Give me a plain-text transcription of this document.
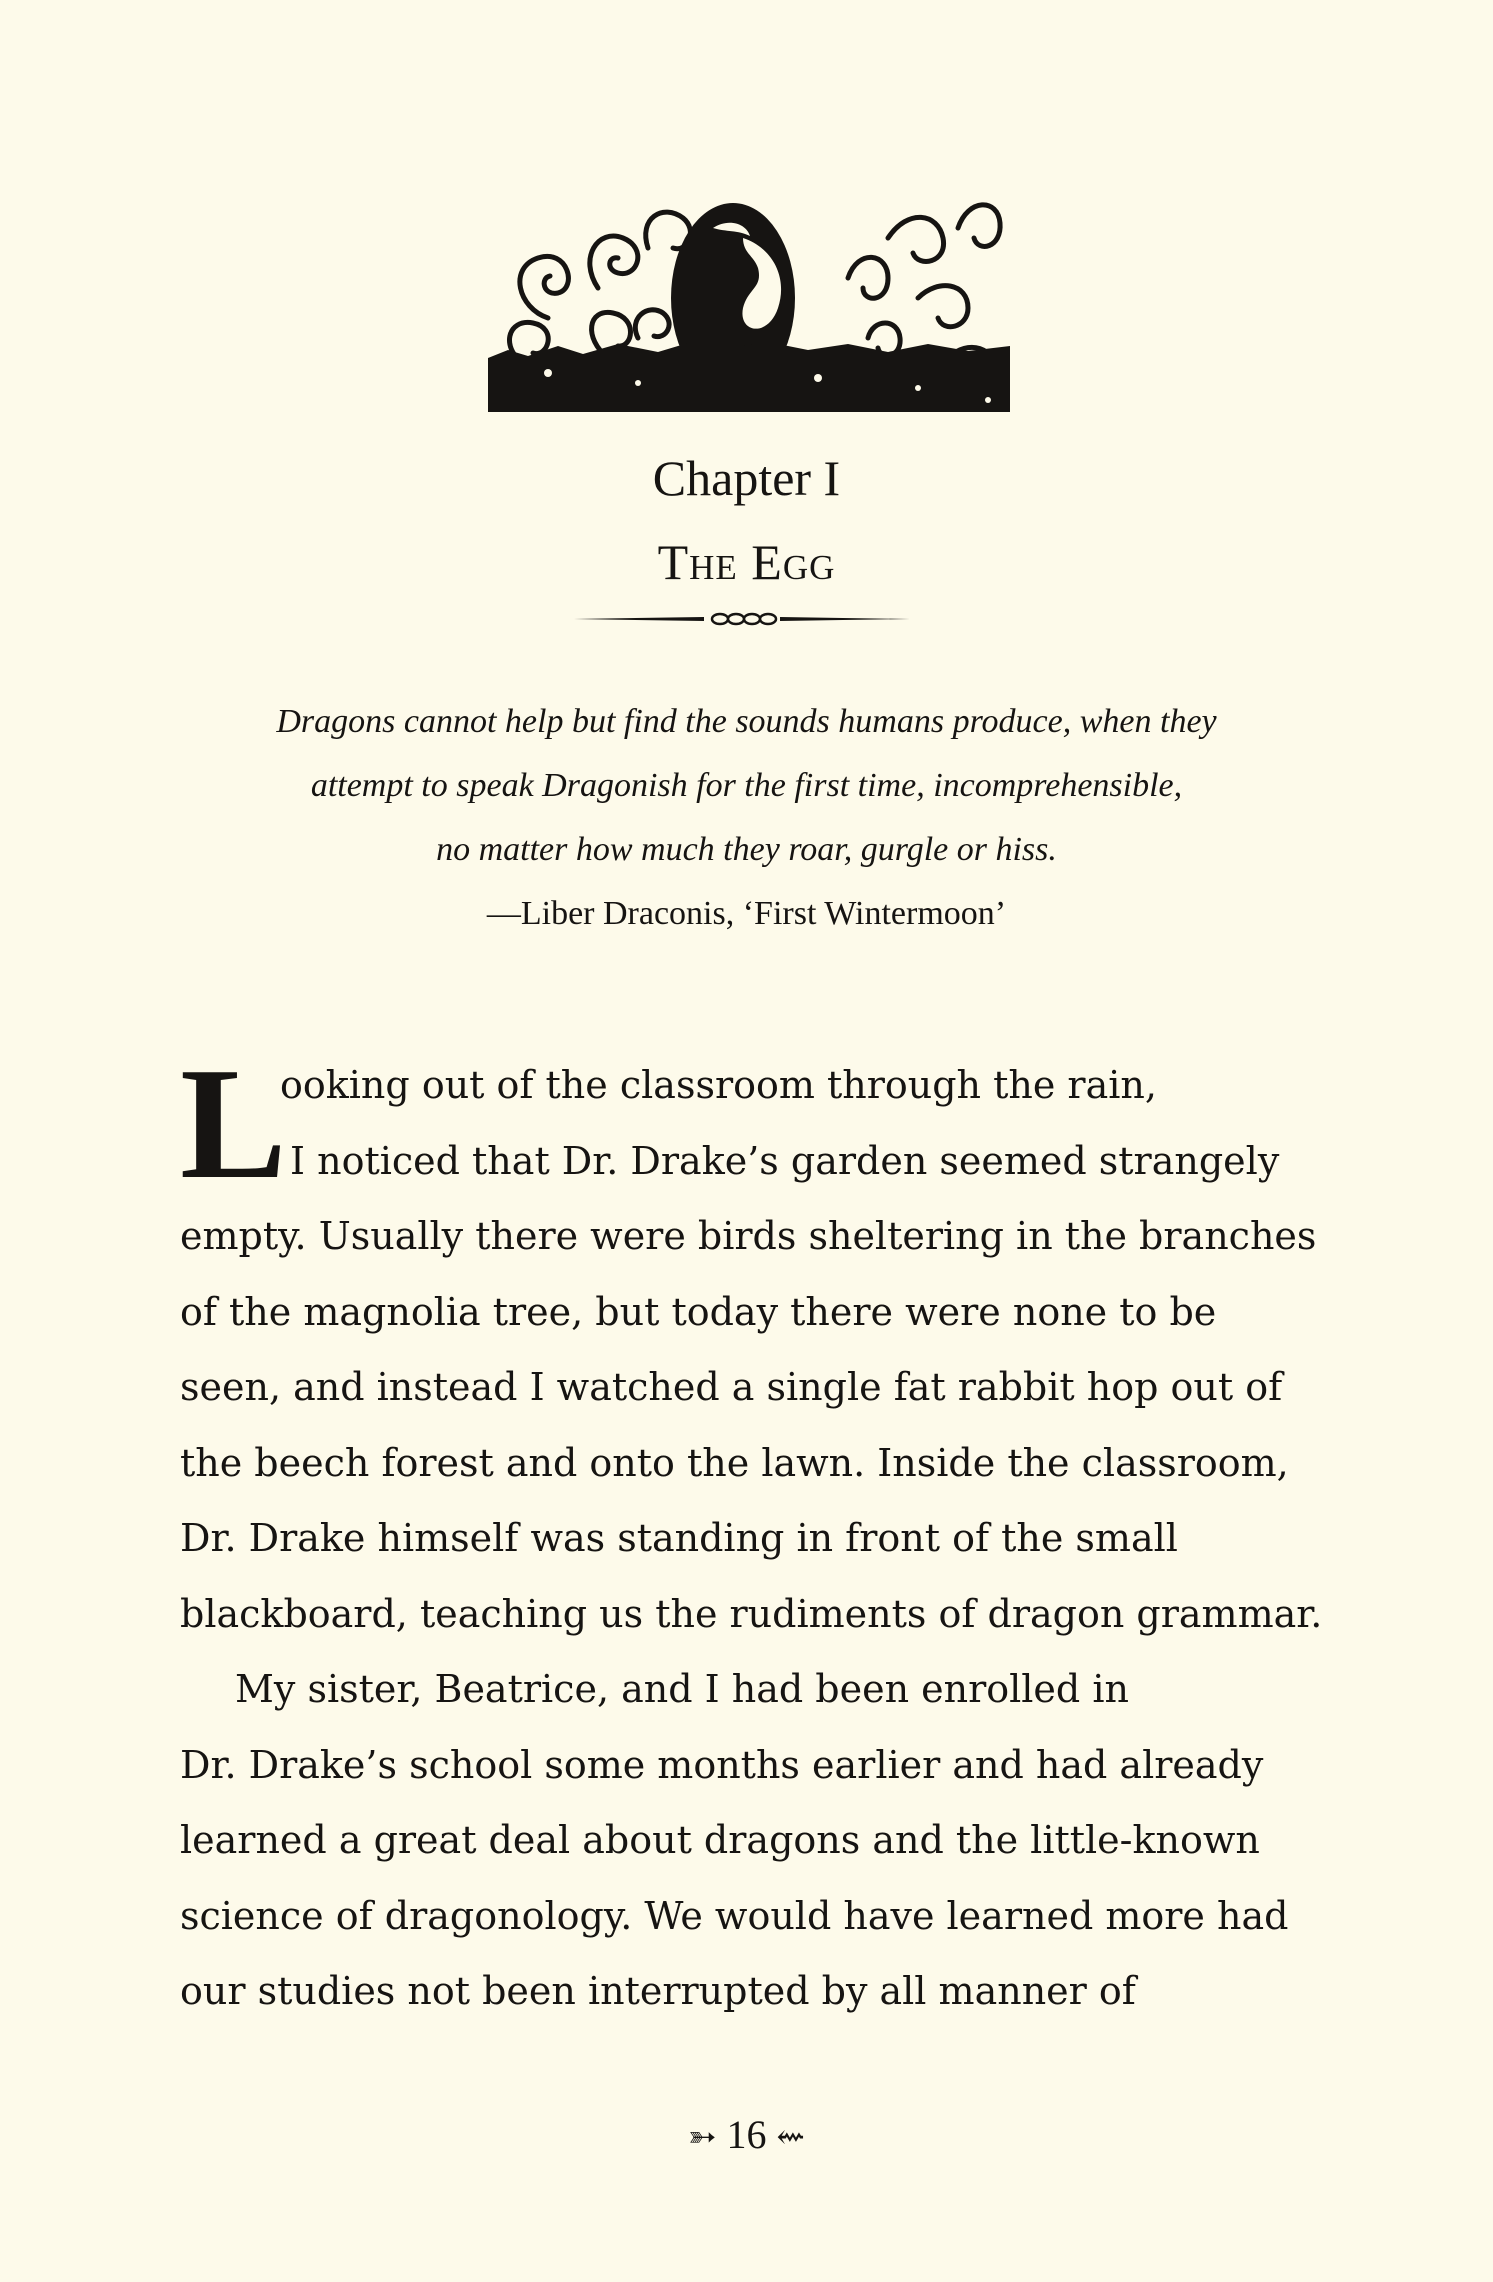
Chapter I
The Egg
Dragons cannot help but find the sounds humans produce, when they
attempt to speak Dragonish for the first time, incomprehensible,
no matter how much they roar, gurgle or hiss.
—Liber Draconis, ‘First Wintermoon’
L
ooking out of the classroom through the rain,
I noticed that Dr. Drake’s garden seemed strangely
empty. Usually there were birds sheltering in the branches
of the magnolia tree, but today there were none to be
seen, and instead I watched a single fat rabbit hop out of
the beech forest and onto the lawn. Inside the classroom,
Dr. Drake himself was standing in front of the small
blackboard, teaching us the rudiments of dragon grammar.
My sister, Beatrice, and I had been enrolled in
Dr. Drake’s school some months earlier and had already
learned a great deal about dragons and the little-known
science of dragonology. We would have learned more had
our studies not been interrupted by all manner of
➳ 16 ⇜
